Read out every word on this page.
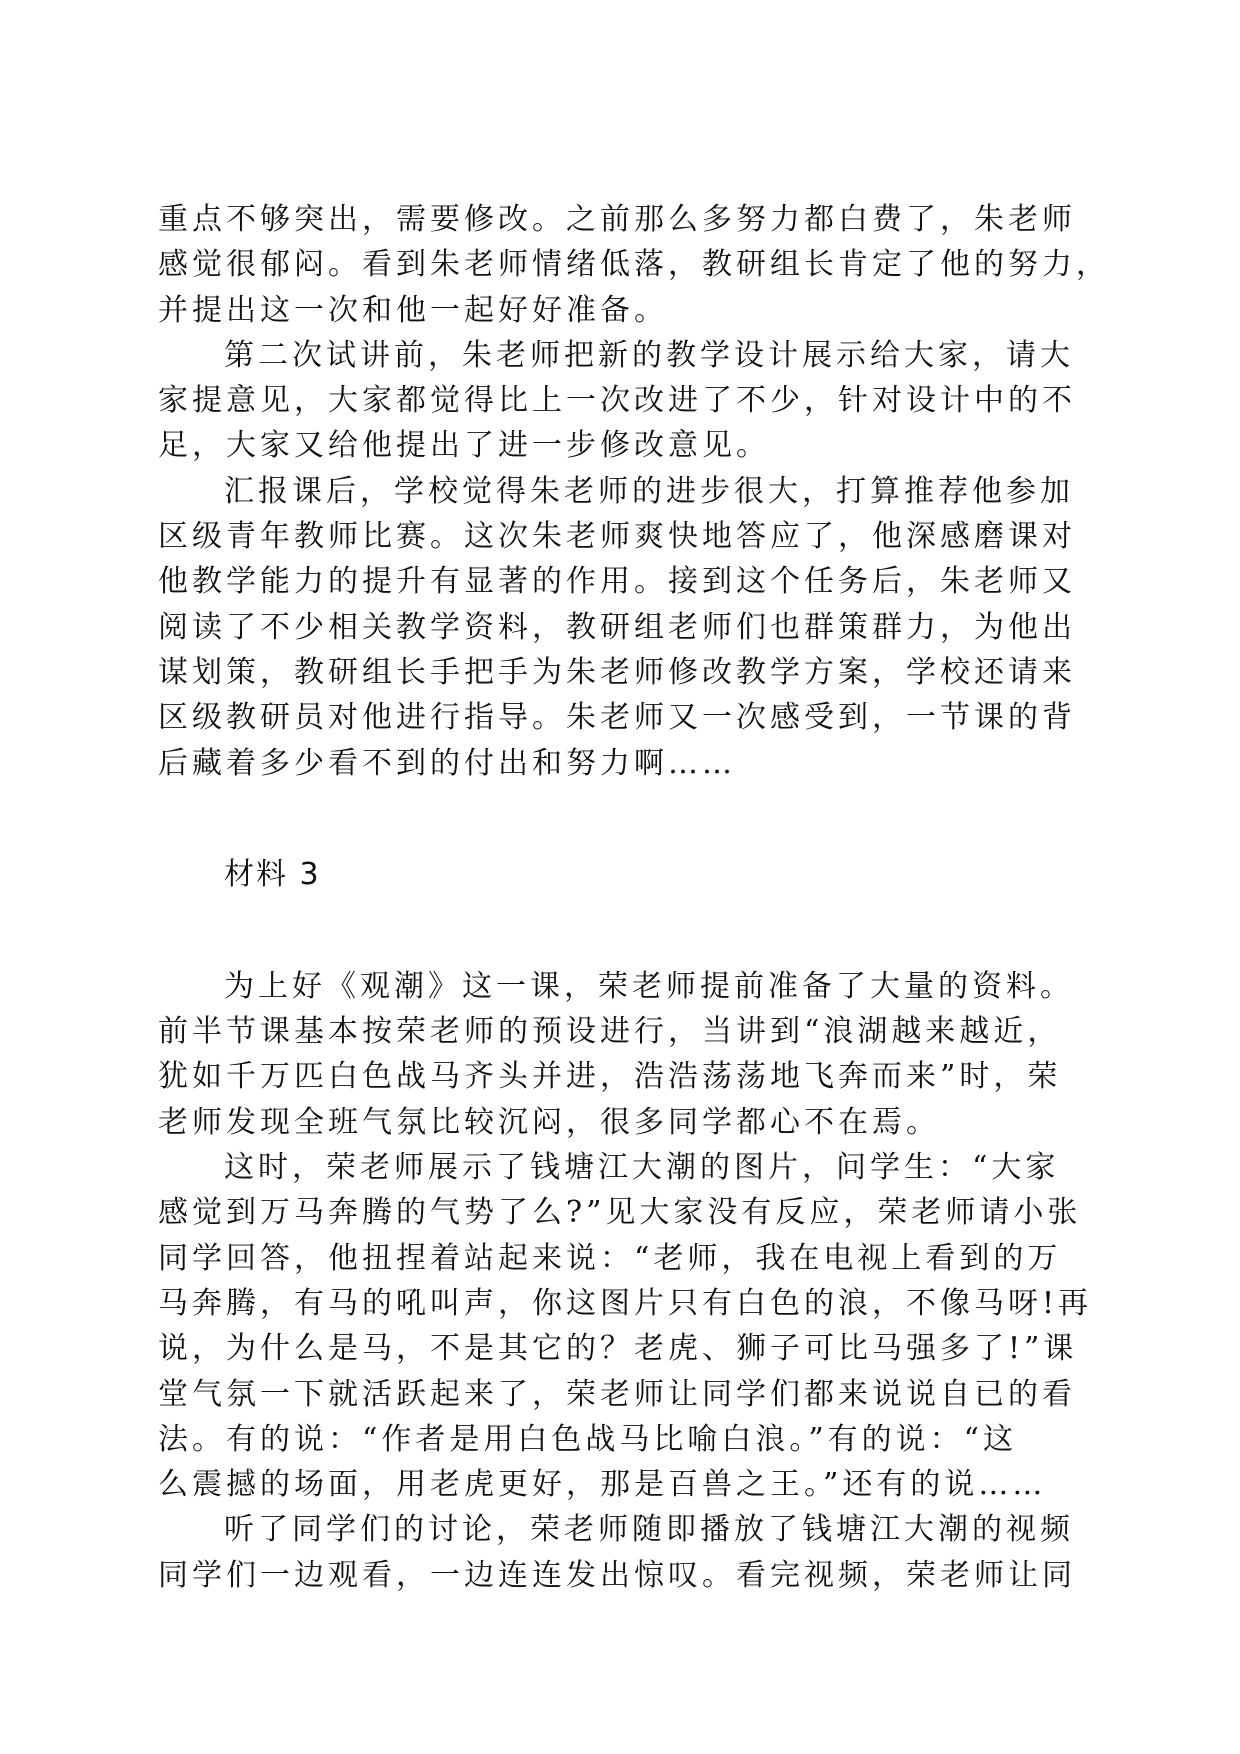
重点不够突出，需要修改。之前那么多努力都白费了，朱老师
感觉很郁闷。看到朱老师情绪低落，教研组长肯定了他的努力，
并提出这一次和他一起好好准备。
第二次试讲前，朱老师把新的教学设计展示给大家，请大
家提意见，大家都觉得比上一次改进了不少，针对设计中的不
足，大家又给他提出了进一步修改意见。
汇报课后，学校觉得朱老师的进步很大，打算推荐他参加
区级青年教师比赛。这次朱老师爽快地答应了，他深感磨课对
他教学能力的提升有显著的作用。接到这个任务后，朱老师又
阅读了不少相关教学资料，教研组老师们也群策群力，为他出
谋划策，教研组长手把手为朱老师修改教学方案，学校还请来
区级教研员对他进行指导。朱老师又一次感受到，一节课的背
后藏着多少看不到的付出和努力啊……
材料 3
为上好《观潮》这一课，荣老师提前准备了大量的资料。
前半节课基本按荣老师的预设进行，当讲到“浪湖越来越近，
犹如千万匹白色战马齐头并进，浩浩荡荡地飞奔而来”时，荣
老师发现全班气氛比较沉闷，很多同学都心不在焉。
这时，荣老师展示了钱塘江大潮的图片，问学生：“大家
感觉到万马奔腾的气势了么?”见大家没有反应，荣老师请小张
同学回答，他扭捏着站起来说：“老师，我在电视上看到的万
马奔腾，有马的吼叫声，你这图片只有白色的浪，不像马呀!再
说，为什么是马，不是其它的？老虎、狮子可比马强多了!”课
堂气氛一下就活跃起来了，荣老师让同学们都来说说自已的看
法。有的说：“作者是用白色战马比喻白浪。”有的说：“这
么震撼的场面，用老虎更好，那是百兽之王。”还有的说……
听了同学们的讨论，荣老师随即播放了钱塘江大潮的视频
同学们一边观看，一边连连发出惊叹。看完视频，荣老师让同
